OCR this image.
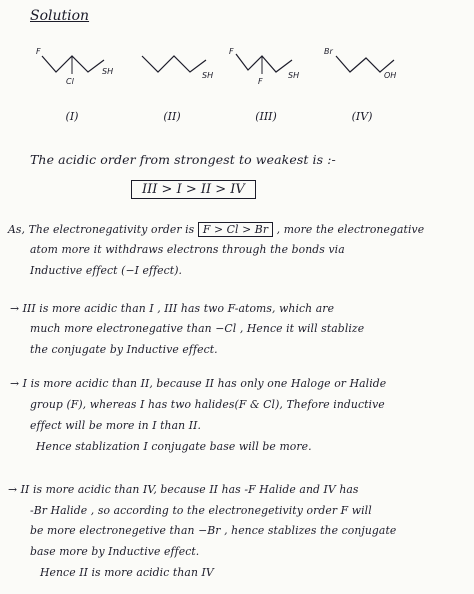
Solution
F
Cl
SH
(I)
SH
(II)
F
F
SH
(III)
Br
OH
(IV)
The acidic order from strongest to weakest is :-
III > I > II > IV
As, The electronegativity order is F > Cl > Br , more the electronegative
atom more it withdraws electrons through the bonds via
Inductive effect (−I effect).
→ III is more acidic than I , III has two F-atoms, which are
much more electronegative than −Cl , Hence it will stablize
the conjugate by Inductive effect.
→ I is more acidic than II, because II has only one Haloge or Halide
group (F), whereas I has two halides(F & Cl), Thefore inductive
effect will be more in I than II.
Hence stablization I conjugate base will be more.
→ II is more acidic than IV, because II has -F Halide and IV has
-Br Halide , so according to the electronegetivity order F will
be more electronegetive than −Br , hence stablizes the conjugate
base more by Inductive effect.
Hence II is more acidic than IV
